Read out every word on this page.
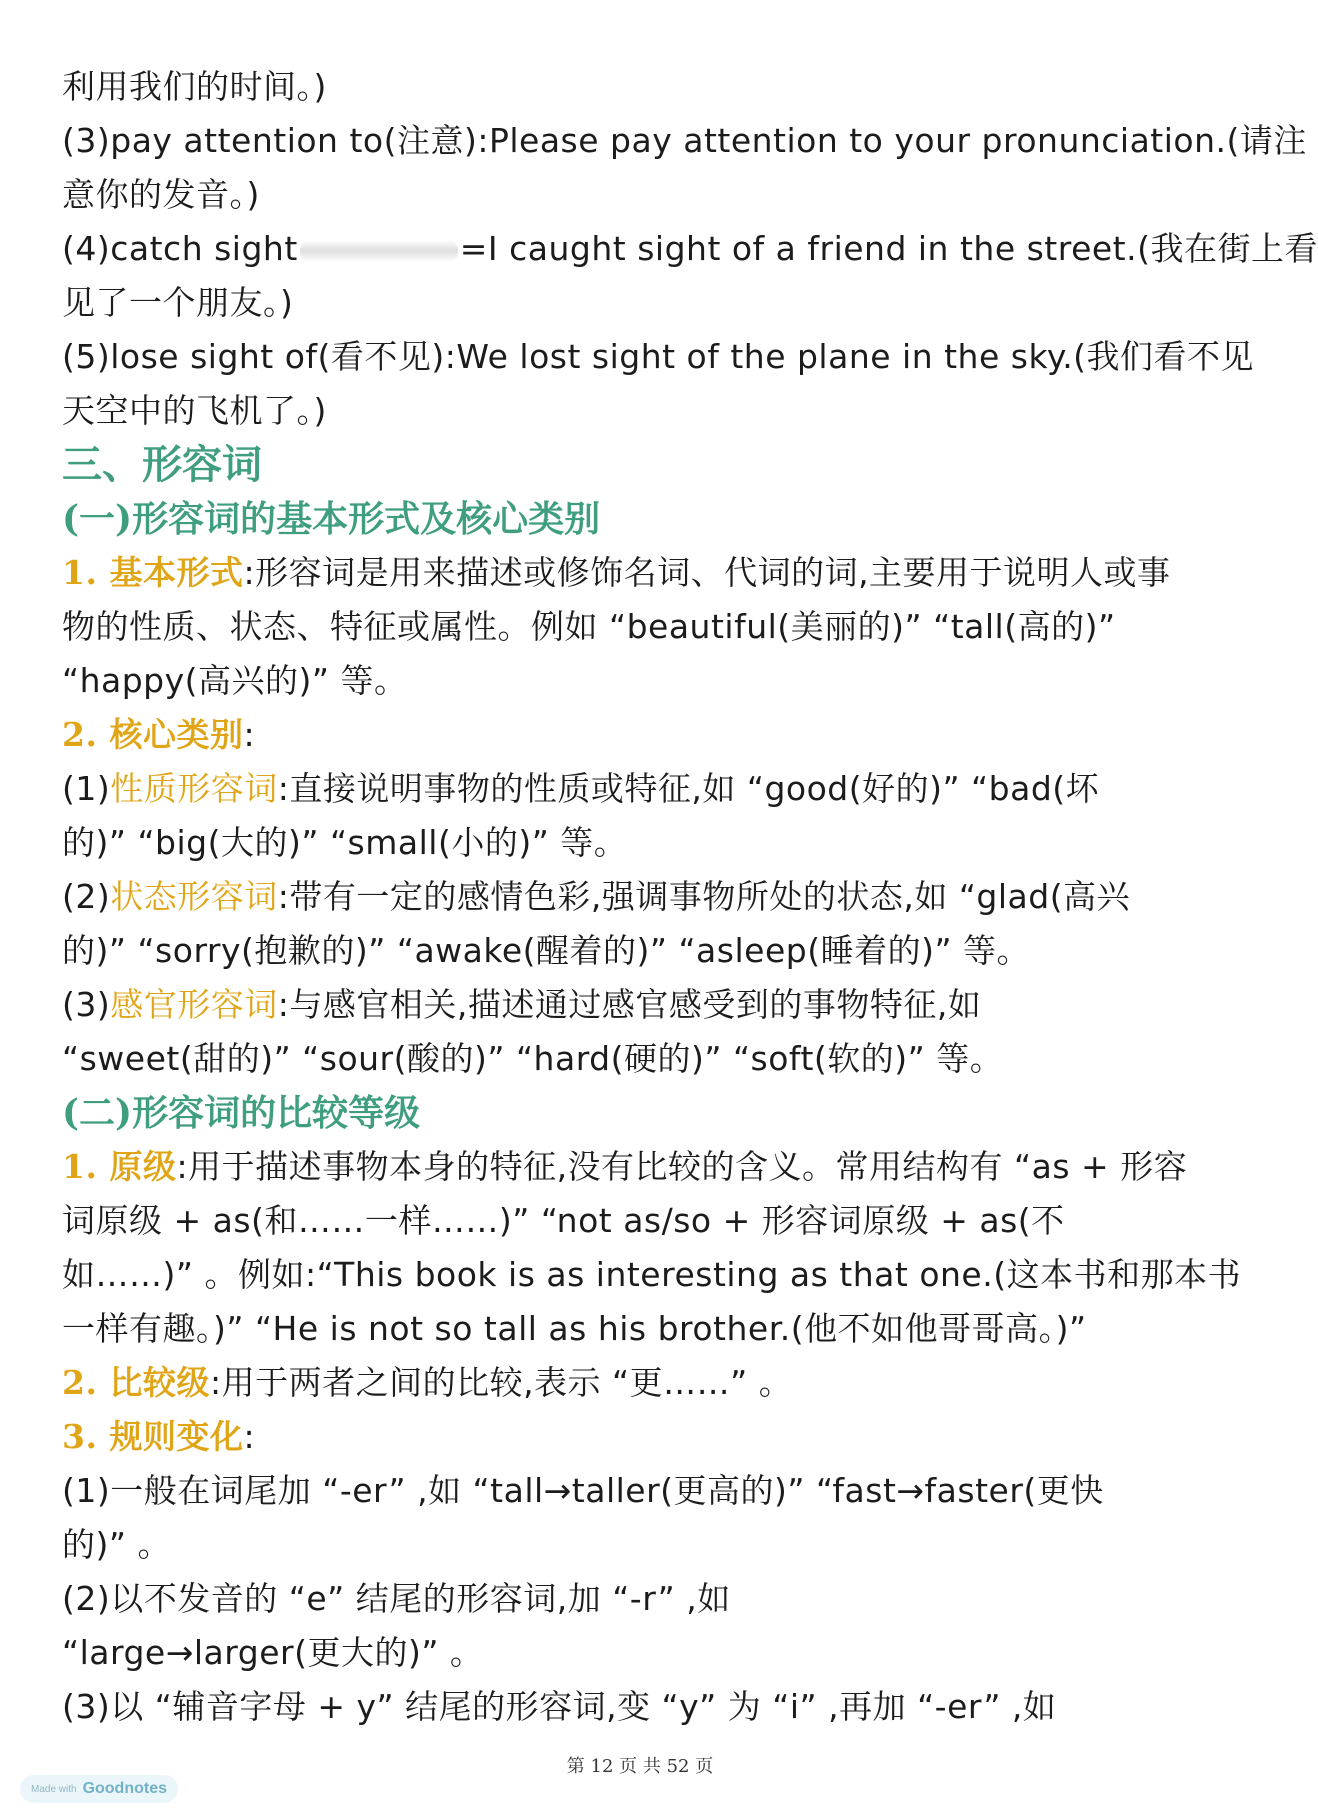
利用我们的时间。)
(3)pay attention to(注意):Please pay attention to your pronunciation.(请注
意你的发音。)
(4)catch sight	=I caught sight of a friend in the street.(我在街上看
见了一个朋友。)
(5)lose sight of(看不见):We lost sight of the plane in the sky.(我们看不见
天空中的飞机了。)
三、形容词
(一)形容词的基本形式及核心类别
1. 基本形式:形容词是用来描述或修饰名词、代词的词,主要用于说明人或事
物的性质、状态、特征或属性。例如 “beautiful(美丽的)” “tall(高的)”
“happy(高兴的)” 等。
2. 核心类别:
(1)性质形容词:直接说明事物的性质或特征,如 “good(好的)” “bad(坏
的)” “big(大的)” “small(小的)” 等。
(2)状态形容词:带有一定的感情色彩,强调事物所处的状态,如 “glad(高兴
的)” “sorry(抱歉的)” “awake(醒着的)” “asleep(睡着的)” 等。
(3)感官形容词:与感官相关,描述通过感官感受到的事物特征,如
“sweet(甜的)” “sour(酸的)” “hard(硬的)” “soft(软的)” 等。
(二)形容词的比较等级
1. 原级:用于描述事物本身的特征,没有比较的含义。常用结构有 “as + 形容
词原级 + as(和……一样……)” “not as/so + 形容词原级 + as(不
如……)” 。例如:“This book is as interesting as that one.(这本书和那本书
一样有趣。)” “He is not so tall as his brother.(他不如他哥哥高。)”
2. 比较级:用于两者之间的比较,表示 “更……” 。
3. 规则变化:
(1)一般在词尾加 “-er” ,如 “tall→taller(更高的)” “fast→faster(更快
的)” 。
(2)以不发音的 “e” 结尾的形容词,加 “-r” ,如
“large→larger(更大的)” 。
(3)以 “辅音字母 + y” 结尾的形容词,变 “y” 为 “i” ,再加 “-er” ,如
第 12 页 共 52 页
Made with Goodnotes
